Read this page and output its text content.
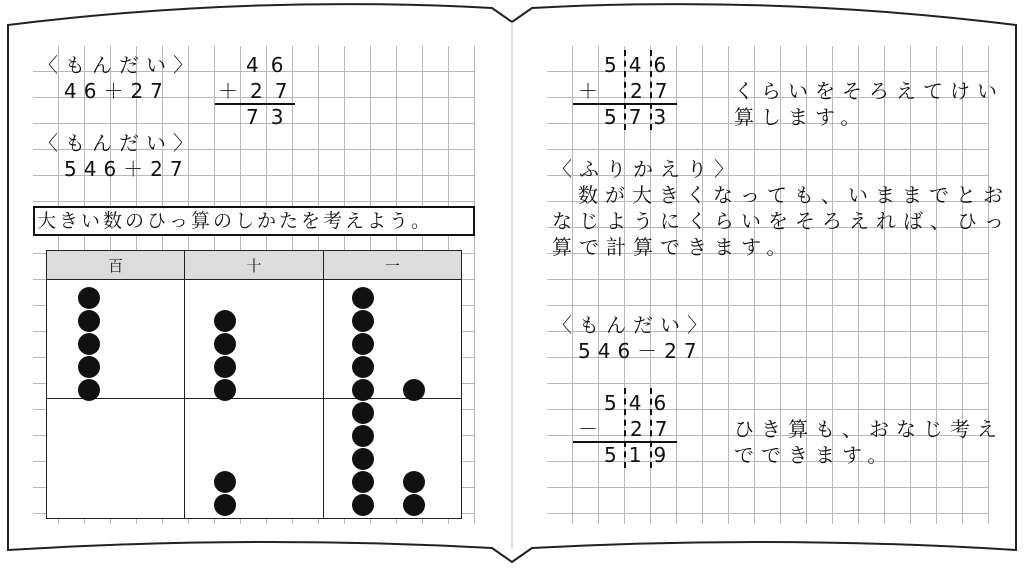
〈もんだい〉
46＋27
46
＋27
73
〈もんだい〉
546＋27
大きい数のひっ算のしかたを考えよう。
百	十	一

546
＋ 27
573
くらいをそろえてけい
算します。
〈ふりかえり〉
数が大きくなっても、いままでとお
なじようにくらいをそろえれば、ひっ
算で計算できます。
〈もんだい〉
546－27
546
－ 27
519
ひき算も、おなじ考え
でできます。
